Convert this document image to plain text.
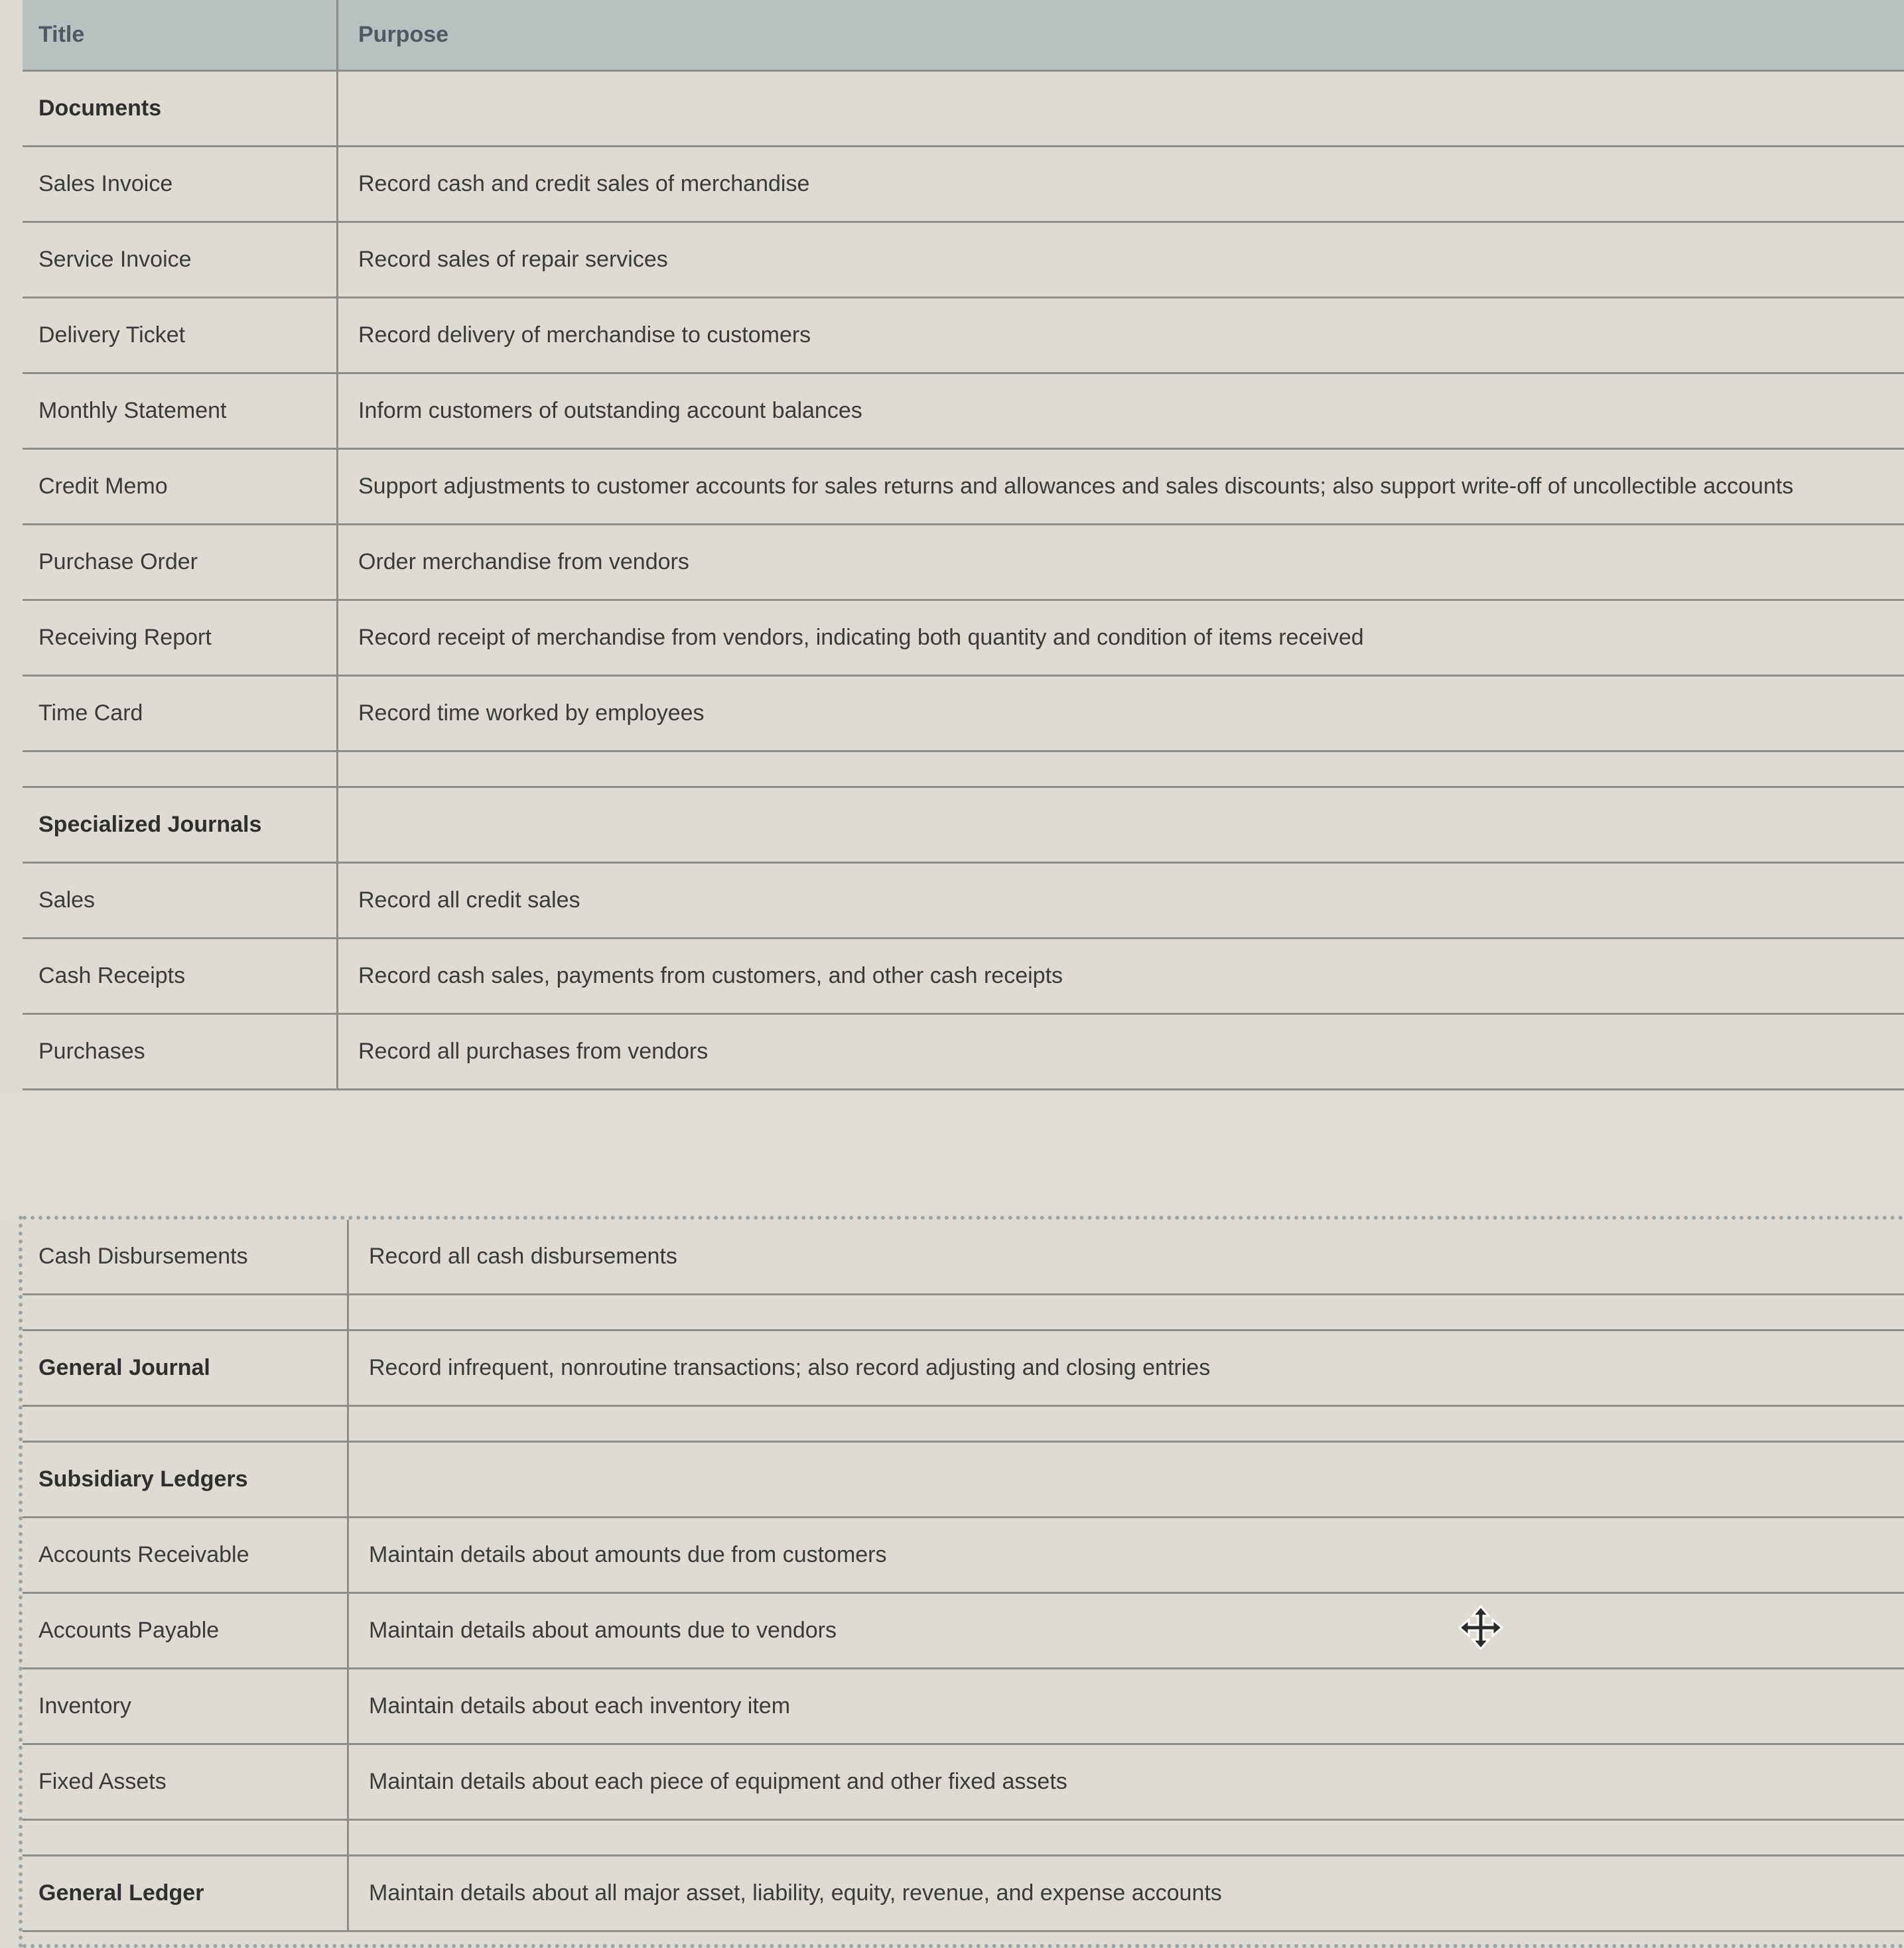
Title	Purpose
Documents
Sales Invoice	Record cash and credit sales of merchandise
Service Invoice	Record sales of repair services
Delivery Ticket	Record delivery of merchandise to customers
Monthly Statement	Inform customers of outstanding account balances
Credit Memo	Support adjustments to customer accounts for sales returns and allowances and sales discounts; also support write-off of uncollectible accounts
Purchase Order	Order merchandise from vendors
Receiving Report	Record receipt of merchandise from vendors, indicating both quantity and condition of items received
Time Card	Record time worked by employees
Specialized Journals
Sales	Record all credit sales
Cash Receipts	Record cash sales, payments from customers, and other cash receipts
Purchases	Record all purchases from vendors
Cash Disbursements	Record all cash disbursements
General Journal	Record infrequent, nonroutine transactions; also record adjusting and closing entries
Subsidiary Ledgers
Accounts Receivable	Maintain details about amounts due from customers
Accounts Payable	Maintain details about amounts due to vendors
Inventory	Maintain details about each inventory item
Fixed Assets	Maintain details about each piece of equipment and other fixed assets
General Ledger	Maintain details about all major asset, liability, equity, revenue, and expense accounts
